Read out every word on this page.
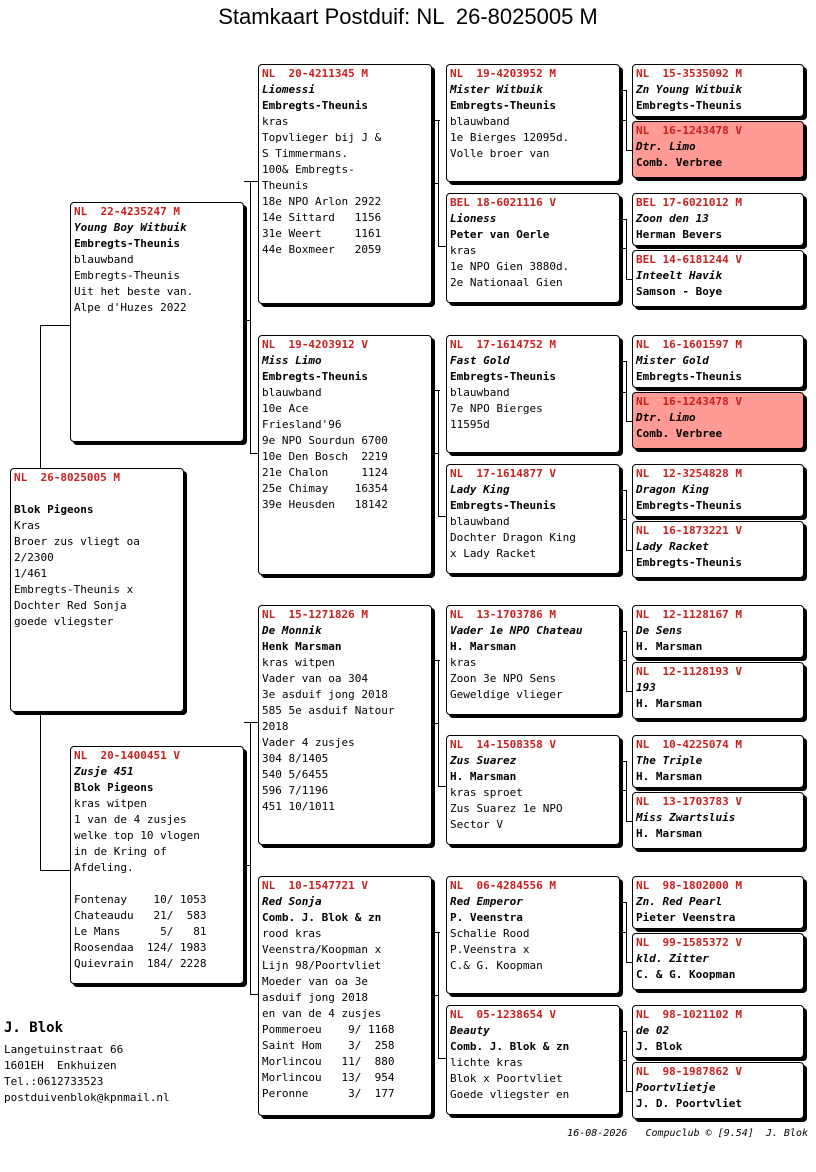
Stamkaart Postduif: NL  26-8025005 M
NL  26-8025005 M

Blok Pigeons
Kras
Broer zus vliegt oa
2/2300
1/461
Embregts-Theunis x
Dochter Red Sonja
goede vliegster
NL  22-4235247 M
Young Boy Witbuik
Embregts-Theunis
blauwband
Embregts-Theunis
Uit het beste van.
Alpe d'Huzes 2022
NL  20-1400451 V
Zusje 451
Blok Pigeons
kras witpen
1 van de 4 zusjes
welke top 10 vlogen
in de Kring of
Afdeling.
Fontenay    10/ 1053
Chateaudu   21/  583
Le Mans      5/   81
Roosendaa  124/ 1983
Quievrain  184/ 2228
NL  20-4211345 M
Liomessi
Embregts-Theunis
kras
Topvlieger bij J &
S Timmermans.
100& Embregts-
Theunis
18e NPO Arlon 2922
14e Sittard   1156
31e Weert     1161
44e Boxmeer   2059
NL  19-4203912 V
Miss Limo
Embregts-Theunis
blauwband
10e Ace
Friesland'96
9e NPO Sourdun 6700
10e Den Bosch  2219
21e Chalon     1124
25e Chimay    16354
39e Heusden   18142
NL  15-1271826 M
De Monnik
Henk Marsman
kras witpen
Vader van oa 304
3e asduif jong 2018
585 5e asduif Natour
2018
Vader 4 zusjes
304 8/1405
540 5/6455
596 7/1196
451 10/1011
NL  10-1547721 V
Red Sonja
Comb. J. Blok & zn
rood kras
Veenstra/Koopman x
Lijn 98/Poortvliet
Moeder van oa 3e
asduif jong 2018
en van de 4 zusjes
Pommeroeu    9/ 1168
Saint Hom    3/  258
Morlincou   11/  880
Morlincou   13/  954
Peronne      3/  177
NL  19-4203952 M
Mister Witbuik
Embregts-Theunis
blauwband
1e Bierges 12095d.
Volle broer van
BEL 18-6021116 V
Lioness
Peter van Oerle
kras
1e NPO Gien 3880d.
2e Nationaal Gien
NL  17-1614752 M
Fast Gold
Embregts-Theunis
blauwband
7e NPO Bierges
11595d
NL  17-1614877 V
Lady King
Embregts-Theunis
blauwband
Dochter Dragon King
x Lady Racket
NL  13-1703786 M
Vader 1e NPO Chateau
H. Marsman
kras
Zoon 3e NPO Sens
Geweldige vlieger
NL  14-1508358 V
Zus Suarez
H. Marsman
kras sproet
Zus Suarez 1e NPO
Sector V
NL  06-4284556 M
Red Emperor
P. Veenstra
Schalie Rood
P.Veenstra x
C.& G. Koopman
NL  05-1238654 V
Beauty
Comb. J. Blok & zn
lichte kras
Blok x Poortvliet
Goede vliegster en
NL  15-3535092 M
Zn Young Witbuik
Embregts-Theunis
NL  16-1243478 V
Dtr. Limo
Comb. Verbree
BEL 17-6021012 M
Zoon den 13
Herman Bevers
BEL 14-6181244 V
Inteelt Havik
Samson - Boye
NL  16-1601597 M
Mister Gold
Embregts-Theunis
NL  16-1243478 V
Dtr. Limo
Comb. Verbree
NL  12-3254828 M
Dragon King
Embregts-Theunis
NL  16-1873221 V
Lady Racket
Embregts-Theunis
NL  12-1128167 M
De Sens
H. Marsman
NL  12-1128193 V
193
H. Marsman
NL  10-4225074 M
The Triple
H. Marsman
NL  13-1703783 V
Miss Zwartsluis
H. Marsman
NL  98-1802000 M
Zn. Red Pearl
Pieter Veenstra
NL  99-1585372 V
kld. Zitter
C. & G. Koopman
NL  98-1021102 M
de 02
J. Blok
NL  98-1987862 V
Poortvlietje
J. D. Poortvliet
J. Blok
Langetuinstraat 66
1601EH  Enkhuizen
Tel.:0612733523
postduivenblok@kpnmail.nl
16-08-2026   Compuclub © [9.54]  J. Blok
